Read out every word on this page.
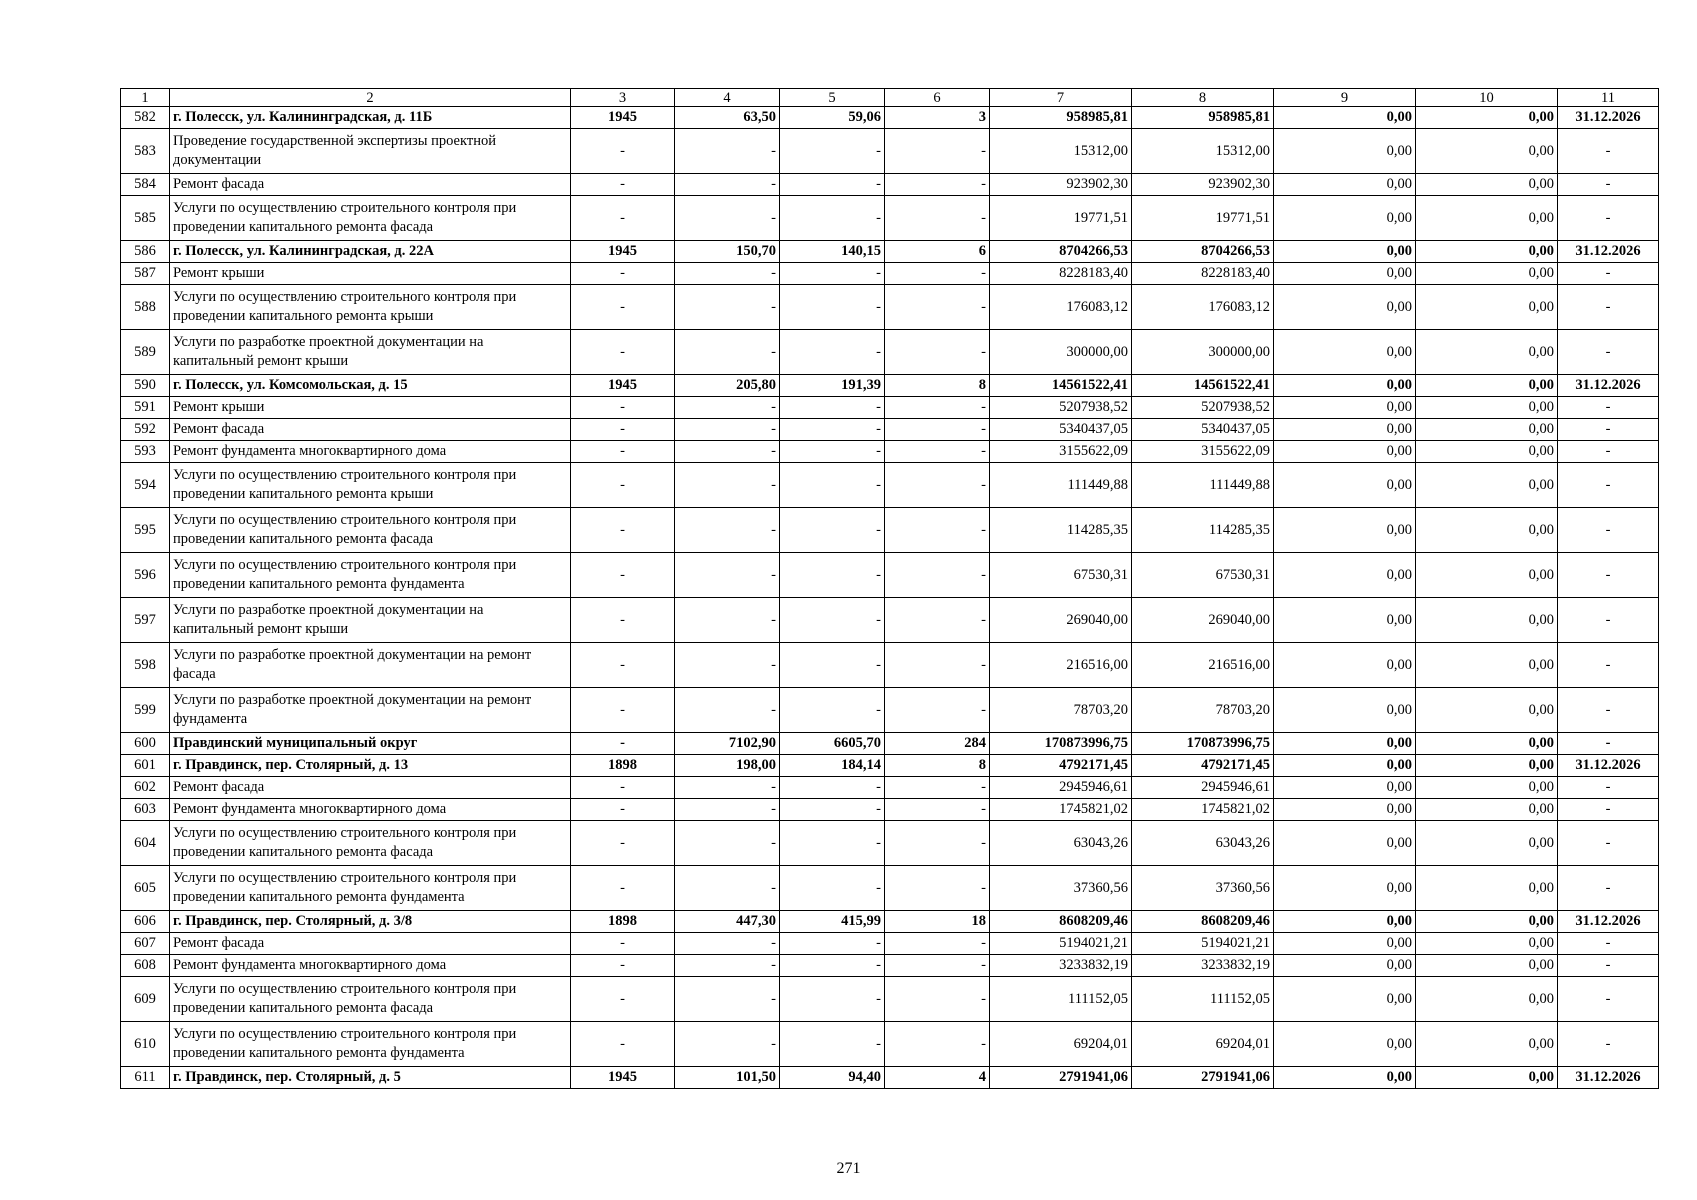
1	2	3	4	5	6	7	8	9	10	11
582	г. Полесск, ул. Калининградская, д. 11Б	1945	63,50	59,06	3	958985,81	958985,81	0,00	0,00	31.12.2026
583	Проведение государственной экспертизы проектной документации	-	-	-	-	15312,00	15312,00	0,00	0,00	-
584	Ремонт фасада	-	-	-	-	923902,30	923902,30	0,00	0,00	-
585	Услуги по осуществлению строительного контроля при проведении капитального ремонта фасада	-	-	-	-	19771,51	19771,51	0,00	0,00	-
586	г. Полесск, ул. Калининградская, д. 22А	1945	150,70	140,15	6	8704266,53	8704266,53	0,00	0,00	31.12.2026
587	Ремонт крыши	-	-	-	-	8228183,40	8228183,40	0,00	0,00	-
588	Услуги по осуществлению строительного контроля при проведении капитального ремонта крыши	-	-	-	-	176083,12	176083,12	0,00	0,00	-
589	Услуги по разработке проектной документации на капитальный ремонт крыши	-	-	-	-	300000,00	300000,00	0,00	0,00	-
590	г. Полесск, ул. Комсомольская, д. 15	1945	205,80	191,39	8	14561522,41	14561522,41	0,00	0,00	31.12.2026
591	Ремонт крыши	-	-	-	-	5207938,52	5207938,52	0,00	0,00	-
592	Ремонт фасада	-	-	-	-	5340437,05	5340437,05	0,00	0,00	-
593	Ремонт фундамента многоквартирного дома	-	-	-	-	3155622,09	3155622,09	0,00	0,00	-
594	Услуги по осуществлению строительного контроля при проведении капитального ремонта крыши	-	-	-	-	111449,88	111449,88	0,00	0,00	-
595	Услуги по осуществлению строительного контроля при проведении капитального ремонта фасада	-	-	-	-	114285,35	114285,35	0,00	0,00	-
596	Услуги по осуществлению строительного контроля при проведении капитального ремонта фундамента	-	-	-	-	67530,31	67530,31	0,00	0,00	-
597	Услуги по разработке проектной документации на капитальный ремонт крыши	-	-	-	-	269040,00	269040,00	0,00	0,00	-
598	Услуги по разработке проектной документации на ремонт фасада	-	-	-	-	216516,00	216516,00	0,00	0,00	-
599	Услуги по разработке проектной документации на ремонт фундамента	-	-	-	-	78703,20	78703,20	0,00	0,00	-
600	Правдинский муниципальный округ	-	7102,90	6605,70	284	170873996,75	170873996,75	0,00	0,00	-
601	г. Правдинск, пер. Столярный, д. 13	1898	198,00	184,14	8	4792171,45	4792171,45	0,00	0,00	31.12.2026
602	Ремонт фасада	-	-	-	-	2945946,61	2945946,61	0,00	0,00	-
603	Ремонт фундамента многоквартирного дома	-	-	-	-	1745821,02	1745821,02	0,00	0,00	-
604	Услуги по осуществлению строительного контроля при проведении капитального ремонта фасада	-	-	-	-	63043,26	63043,26	0,00	0,00	-
605	Услуги по осуществлению строительного контроля при проведении капитального ремонта фундамента	-	-	-	-	37360,56	37360,56	0,00	0,00	-
606	г. Правдинск, пер. Столярный, д. 3/8	1898	447,30	415,99	18	8608209,46	8608209,46	0,00	0,00	31.12.2026
607	Ремонт фасада	-	-	-	-	5194021,21	5194021,21	0,00	0,00	-
608	Ремонт фундамента многоквартирного дома	-	-	-	-	3233832,19	3233832,19	0,00	0,00	-
609	Услуги по осуществлению строительного контроля при проведении капитального ремонта фасада	-	-	-	-	111152,05	111152,05	0,00	0,00	-
610	Услуги по осуществлению строительного контроля при проведении капитального ремонта фундамента	-	-	-	-	69204,01	69204,01	0,00	0,00	-
611	г. Правдинск, пер. Столярный, д. 5	1945	101,50	94,40	4	2791941,06	2791941,06	0,00	0,00	31.12.2026
271
